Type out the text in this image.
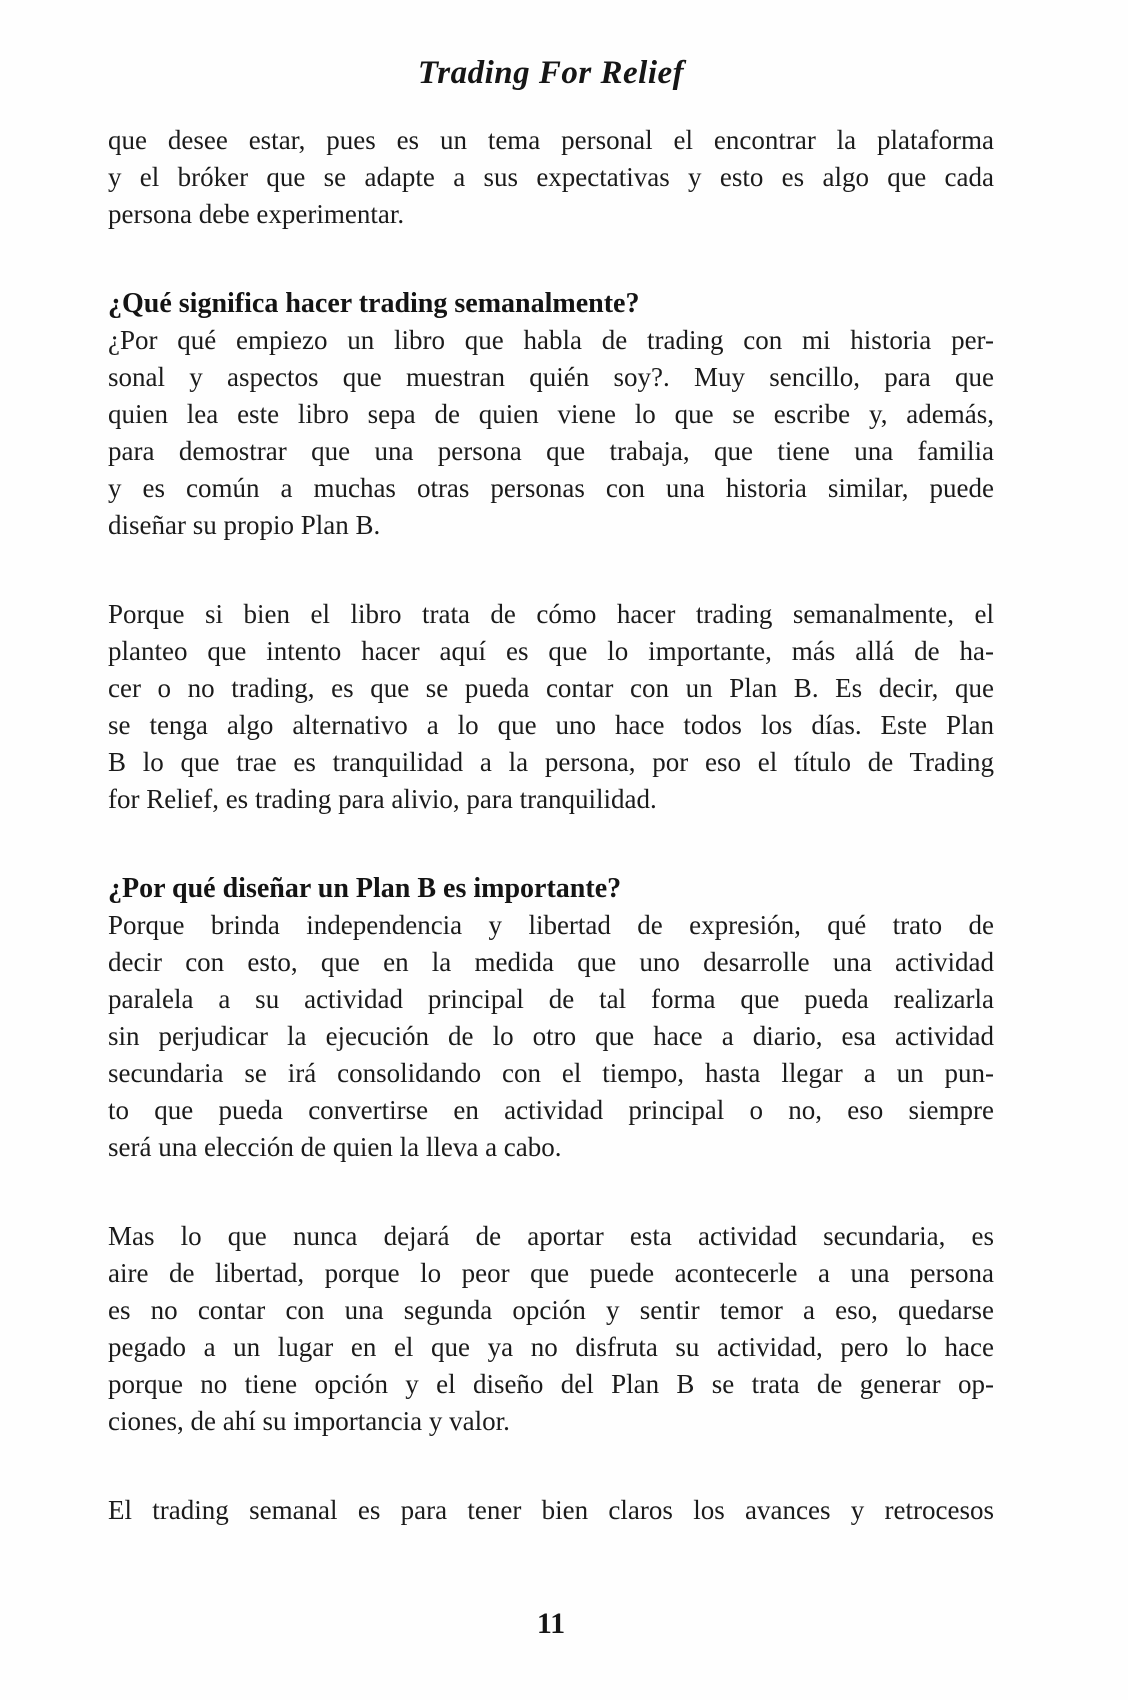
Trading For Relief

que desee estar, pues es un tema personal el encontrar la plataforma
y el bróker que se adapte a sus expectativas y esto es algo que cada
persona debe experimentar.

¿Qué significa hacer trading semanalmente?

¿Por qué empiezo un libro que habla de trading con mi historia per-
sonal y aspectos que muestran quién soy?. Muy sencillo, para que
quien lea este libro sepa de quien viene lo que se escribe y, además,
para demostrar que una persona que trabaja, que tiene una familia
y es común a muchas otras personas con una historia similar, puede
diseñar su propio Plan B.

Porque si bien el libro trata de cómo hacer trading semanalmente, el
planteo que intento hacer aquí es que lo importante, más allá de ha-
cer o no trading, es que se pueda contar con un Plan B. Es decir, que
se tenga algo alternativo a lo que uno hace todos los días. Este Plan
B lo que trae es tranquilidad a la persona, por eso el título de Trading
for Relief, es trading para alivio, para tranquilidad.

¿Por qué diseñar un Plan B es importante?

Porque brinda independencia y libertad de expresión, qué trato de
decir con esto, que en la medida que uno desarrolle una actividad
paralela a su actividad principal de tal forma que pueda realizarla
sin perjudicar la ejecución de lo otro que hace a diario, esa actividad
secundaria se irá consolidando con el tiempo, hasta llegar a un pun-
to que pueda convertirse en actividad principal o no, eso siempre
será una elección de quien la lleva a cabo.

Mas lo que nunca dejará de aportar esta actividad secundaria, es
aire de libertad, porque lo peor que puede acontecerle a una persona
es no contar con una segunda opción y sentir temor a eso, quedarse
pegado a un lugar en el que ya no disfruta su actividad, pero lo hace
porque no tiene opción y el diseño del Plan B se trata de generar op-
ciones, de ahí su importancia y valor.

El trading semanal es para tener bien claros los avances y retrocesos

11
